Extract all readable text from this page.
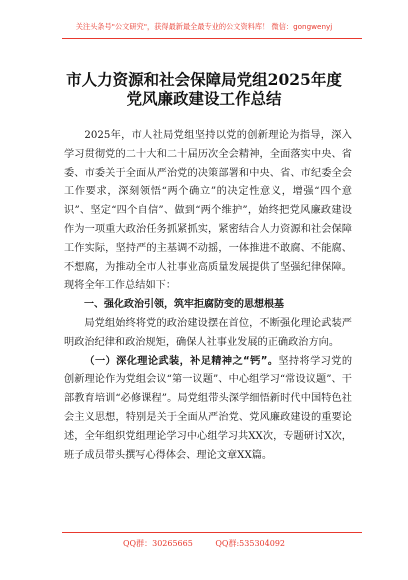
关注头条号"公文研究"，获得最新最全最专业的公文资料库！ 微信：gongwenyj
市人力资源和社会保障局党组2025年度
党风廉政建设工作总结

2025年，市人社局党组坚持以党的创新理论为指导，深入学习贯彻党的二十大和二十届历次全会精神，全面落实中央、省委、市委关于全面从严治党的决策部署和中央、省、市纪委全会工作要求，深刻领悟“两个确立”的决定性意义，增强“四个意识”、坚定“四个自信”、做到“两个维护”，始终把党风廉政建设作为一项重大政治任务抓紧抓实，紧密结合人力资源和社会保障工作实际，坚持严的主基调不动摇，一体推进不敢腐、不能腐、不想腐，为推动全市人社事业高质量发展提供了坚强纪律保障。现将全年工作总结如下：

一、强化政治引领，筑牢拒腐防变的思想根基

局党组始终将党的政治建设摆在首位，不断强化理论武装严明政治纪律和政治规矩，确保人社事业发展的正确政治方向。

（一）深化理论武装，补足精神之“钙”。坚持将学习党的创新理论作为党组会议“第一议题”、中心组学习“常设议题”、干部教育培训“必修课程”。局党组带头深学细悟新时代中国特色社会主义思想，特别是关于全面从严治党、党风廉政建设的重要论述，全年组织党组理论学习中心组学习共XX次，专题研讨X次，班子成员带头撰写心得体会、理论文章XX篇。

QQ群：30265665	QQ群:535304092
